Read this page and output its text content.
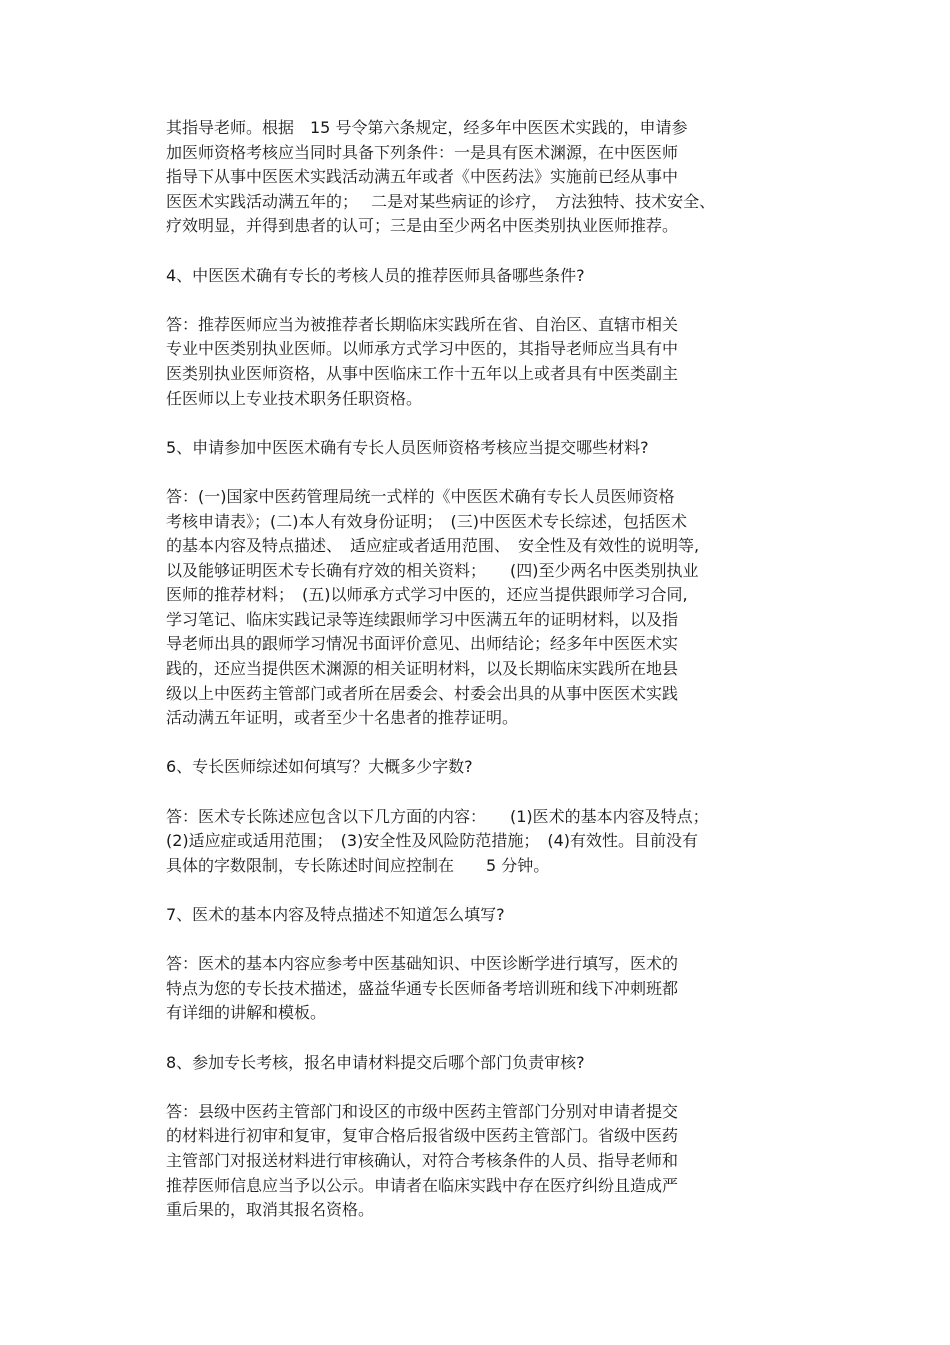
其指导老师。根据　15 号令第六条规定，经多年中医医术实践的，申请参
加医师资格考核应当同时具备下列条件：一是具有医术渊源，在中医医师
指导下从事中医医术实践活动满五年或者《中医药法》实施前已经从事中
医医术实践活动满五年的；　 二是对某些病证的诊疗，　方法独特、技术安全、
疗效明显，并得到患者的认可；三是由至少两名中医类别执业医师推荐。
4、中医医术确有专长的考核人员的推荐医师具备哪些条件?
答：推荐医师应当为被推荐者长期临床实践所在省、自治区、直辖市相关
专业中医类别执业医师。以师承方式学习中医的，其指导老师应当具有中
医类别执业医师资格，从事中医临床工作十五年以上或者具有中医类副主
任医师以上专业技术职务任职资格。
5、申请参加中医医术确有专长人员医师资格考核应当提交哪些材料?
答：(一)国家中医药管理局统一式样的《中医医术确有专长人员医师资格
考核申请表》；(二)本人有效身份证明；　(三)中医医术专长综述，包括医术
的基本内容及特点描述、　适应症或者适用范围、　安全性及有效性的说明等,
以及能够证明医术专长确有疗效的相关资料；　　(四)至少两名中医类别执业
医师的推荐材料；　(五)以师承方式学习中医的，还应当提供跟师学习合同,
学习笔记、临床实践记录等连续跟师学习中医满五年的证明材料，以及指
导老师出具的跟师学习情况书面评价意见、出师结论；经多年中医医术实
践的，还应当提供医术渊源的相关证明材料，以及长期临床实践所在地县
级以上中医药主管部门或者所在居委会、村委会出具的从事中医医术实践
活动满五年证明，或者至少十名患者的推荐证明。
6、专长医师综述如何填写？大概多少字数?
答：医术专长陈述应包含以下几方面的内容：　　(1)医术的基本内容及特点；
(2)适应症或适用范围；　(3)安全性及风险防范措施；　(4)有效性。目前没有
具体的字数限制，专长陈述时间应控制在　　5 分钟。
7、医术的基本内容及特点描述不知道怎么填写?
答：医术的基本内容应参考中医基础知识、中医诊断学进行填写，医术的
特点为您的专长技术描述，盛益华通专长医师备考培训班和线下冲刺班都
有详细的讲解和模板。
8、参加专长考核，报名申请材料提交后哪个部门负责审核?
答：县级中医药主管部门和设区的市级中医药主管部门分别对申请者提交
的材料进行初审和复审，复审合格后报省级中医药主管部门。省级中医药
主管部门对报送材料进行审核确认，对符合考核条件的人员、指导老师和
推荐医师信息应当予以公示。申请者在临床实践中存在医疗纠纷且造成严
重后果的，取消其报名资格。
